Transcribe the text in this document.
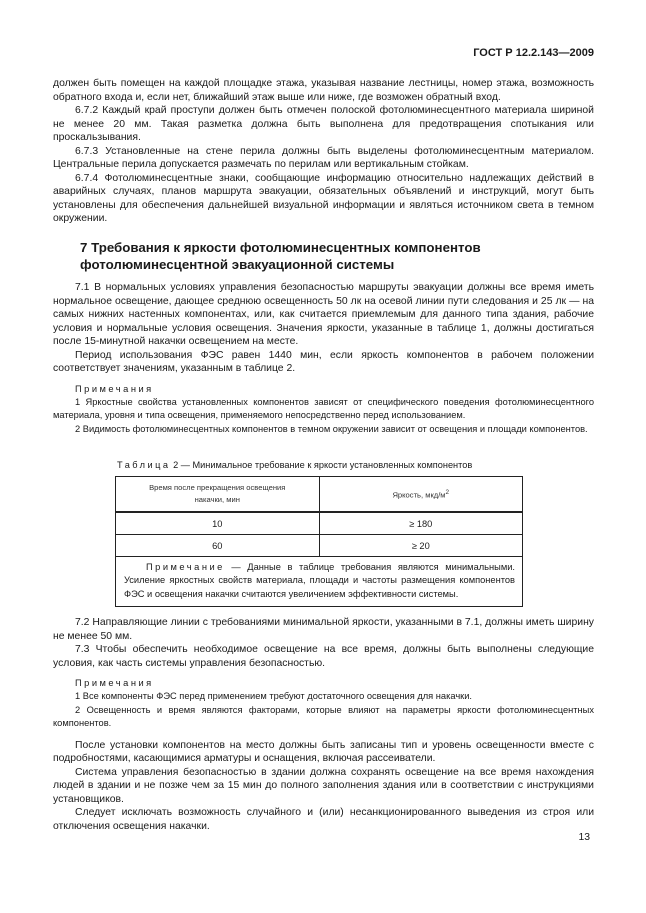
ГОСТ Р 12.2.143—2009

должен быть помещен на каждой площадке этажа, указывая название лестницы, номер этажа, возможность обратного входа и, если нет, ближайший этаж выше или ниже, где возможен обратный вход.

6.7.2 Каждый край проступи должен быть отмечен полоской фотолюминесцентного материала шириной не менее 20 мм. Такая разметка должна быть выполнена для предотвращения спотыкания или проскальзывания.

6.7.3 Установленные на стене перила должны быть выделены фотолюминесцентным материалом. Центральные перила допускается размечать по перилам или вертикальным стойкам.

6.7.4 Фотолюминесцентные знаки, сообщающие информацию относительно надлежащих действий в аварийных случаях, планов маршрута эвакуации, обязательных объявлений и инструкций, могут быть установлены для обеспечения дальнейшей визуальной информации и являться источником света в темном окружении.

7 Требования к яркости фотолюминесцентных компонентов фотолюминесцентной эвакуационной системы

7.1 В нормальных условиях управления безопасностью маршруты эвакуации должны все время иметь нормальное освещение, дающее среднюю освещенность 50 лк на осевой линии пути следования и 25 лк — на самых нижних настенных компонентах, или, как считается приемлемым для данного типа здания, рабочие условия и нормальные условия освещения. Значения яркости, указанные в таблице 1, должны достигаться после 15-минутной накачки освещением на месте.

Период использования ФЭС равен 1440 мин, если яркость компонентов в рабочем положении соответствует значениям, указанным в таблице 2.

Примечания

1 Яркостные свойства установленных компонентов зависят от специфического поведения фотолюминесцентного материала, уровня и типа освещения, применяемого непосредственно перед использованием.

2 Видимость фотолюминесцентных компонентов в темном окружении зависит от освещения и площади компонентов.

Таблица 2 — Минимальное требование к яркости установленных компонентов
Время после прекращения освещения накачки, мин	Яркость, мкд/$м^2$
10	≥ 180
60	≥ 20
Примечание — Данные в таблице требования являются минимальными. Усиление яркостных свойств материала, площади и частоты размещения компонентов ФЭС и освещения накачки считаются увеличением эффективности системы.	

7.2 Направляющие линии с требованиями минимальной яркости, указанными в 7.1, должны иметь ширину не менее 50 мм.

7.3 Чтобы обеспечить необходимое освещение на все время, должны быть выполнены следующие условия, как часть системы управления безопасностью.

Примечания

1 Все компоненты ФЭС перед применением требуют достаточного освещения для накачки.

2 Освещенность и время являются факторами, которые влияют на параметры яркости фотолюминесцентных компонентов.

После установки компонентов на место должны быть записаны тип и уровень освещенности вместе с подробностями, касающимися арматуры и оснащения, включая рассеиватели.

Система управления безопасностью в здании должна сохранять освещение на все время нахождения людей в здании и не позже чем за 15 мин до полного заполнения здания или в соответствии с инструкциями установщиков.

Следует исключать возможность случайного и (или) несанкционированного выведения из строя или отключения освещения накачки.

13
